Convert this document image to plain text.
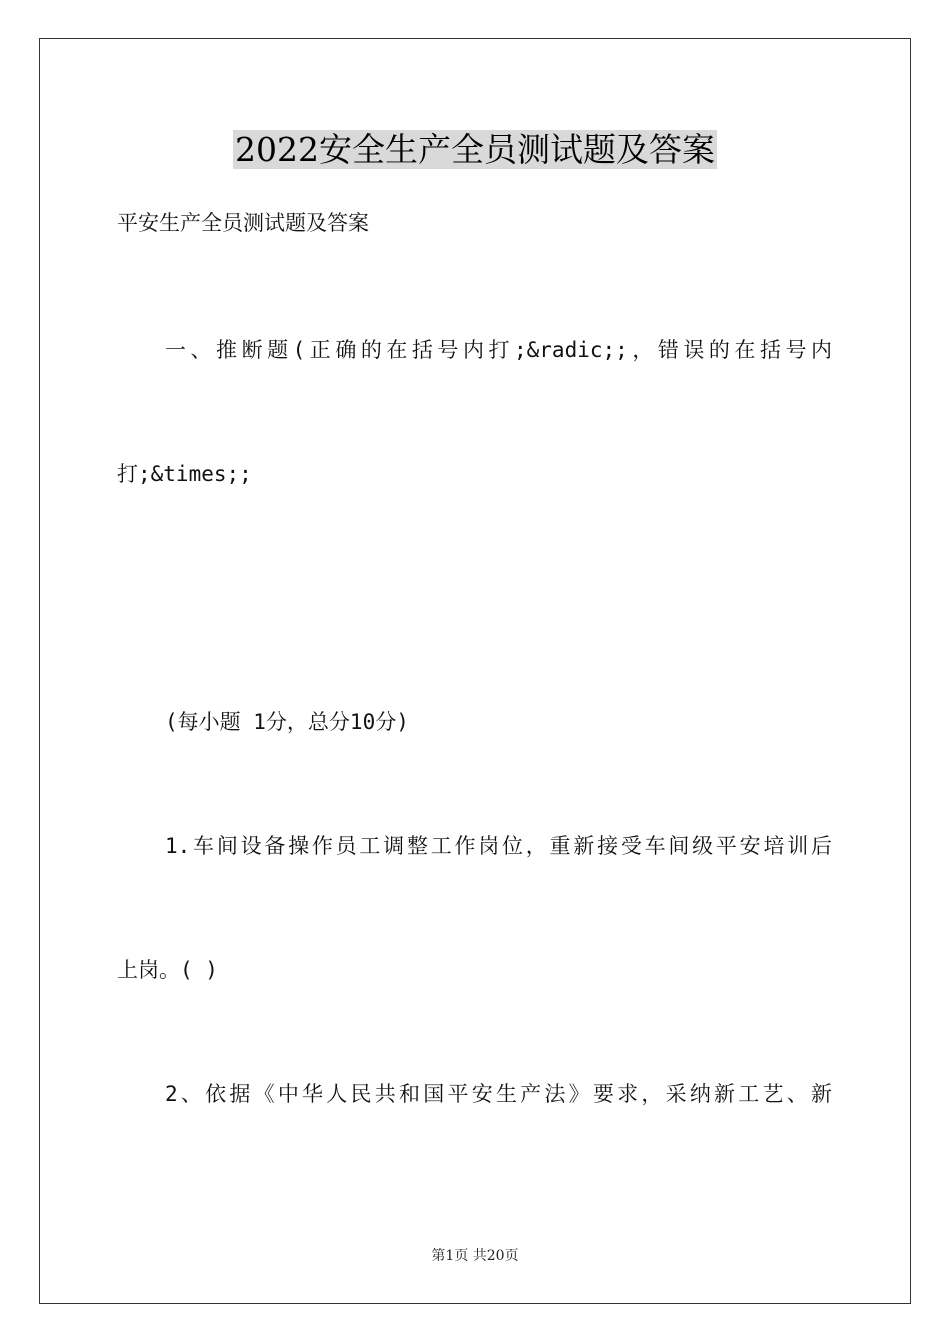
2022安全生产全员测试题及答案
平安生产全员测试题及答案
一、推断题(正确的在括号内打;&radic;;，错误的在括号内
打;&times;;
(每小题 1分，总分10分)
1.车间设备操作员工调整工作岗位，重新接受车间级平安培训后
上岗。( )
2、依据《中华人民共和国平安生产法》要求，采纳新工艺、新
第1页 共20页
